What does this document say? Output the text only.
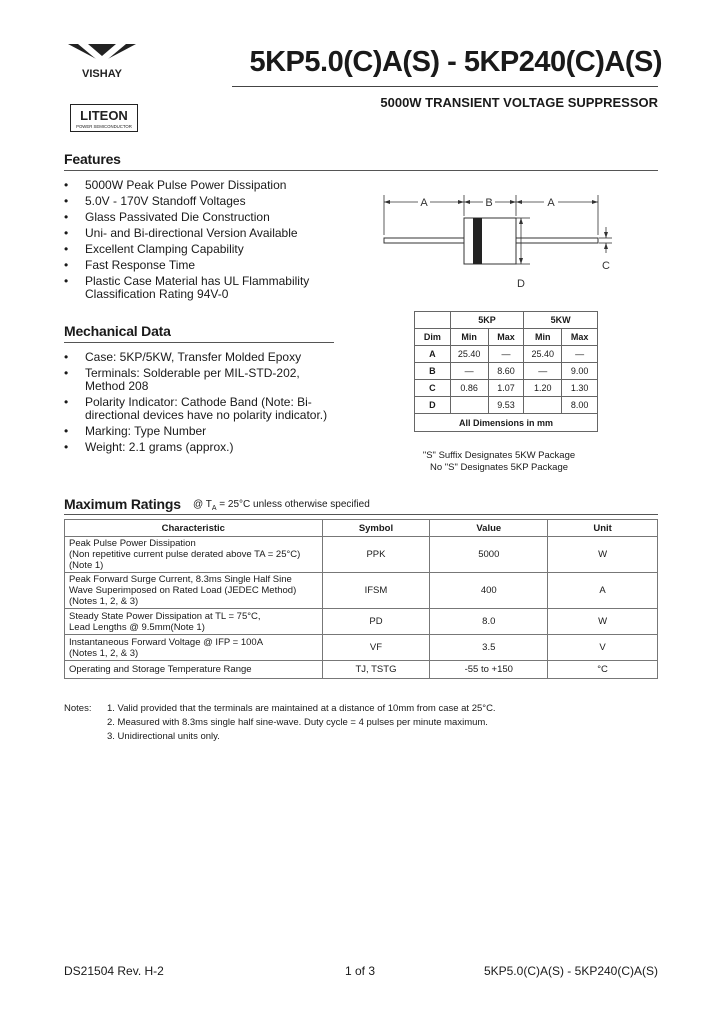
VISHAY
LITEON
POWER SEMICONDUCTOR
5KP5.0(C)A(S) - 5KP240(C)A(S)
5000W TRANSIENT VOLTAGE SUPPRESSOR
Features
• 5000W Peak Pulse Power Dissipation
• 5.0V - 170V Standoff Voltages
• Glass Passivated Die Construction
• Uni- and Bi-directional Version Available
• Excellent Clamping Capability
• Fast Response Time
• Plastic Case Material has UL Flammability Classification Rating 94V-0
A	B	A
C
D
Mechanical Data
• Case: 5KP/5KW, Transfer Molded Epoxy
• Terminals: Solderable per MIL-STD-202, Method 208
• Polarity Indicator: Cathode Band (Note: Bi-directional devices have no polarity indicator.)
• Marking: Type Number
• Weight: 2.1 grams (approx.)
	5KP		5KW	
Dim	Min	Max	Min	Max
A	25.40	—	25.40	—
B	—	8.60	—	9.00
C	0.86	1.07	1.20	1.30
D		9.53		8.00
All Dimensions in mm				
"S" Suffix Designates 5KW Package
No "S" Designates 5KP Package
Maximum Ratings @ $T_A = 25^\circ C$ unless otherwise specified
Characteristic	Symbol	Value	Unit

Peak Pulse Power Dissipation
(Non repetitive current pulse derated above TA = 25°C)
(Note 1)	PPK	5000	W

Peak Forward Surge Current, 8.3ms Single Half Sine
Wave Superimposed on Rated Load (JEDEC Method)
(Notes 1, 2, & 3)	IFSM	400	A

Steady State Power Dissipation at TL = 75°C,
Lead Lengths @ 9.5mm(Note 1)	PD	8.0	W

Instantaneous Forward Voltage @ IFP = 100A
(Notes 1, 2, & 3)	VF	3.5	V

Operating and Storage Temperature Range	TJ, TSTG	-55 to +150	°C
Notes: 1. Valid provided that the terminals are maintained at a distance of 10mm from case at 25°C.
2. Measured with 8.3ms single half sine-wave. Duty cycle = 4 pulses per minute maximum.
3. Unidirectional units only.
DS21504 Rev. H-2	1 of 3	5KP5.0(C)A(S) - 5KP240(C)A(S)
